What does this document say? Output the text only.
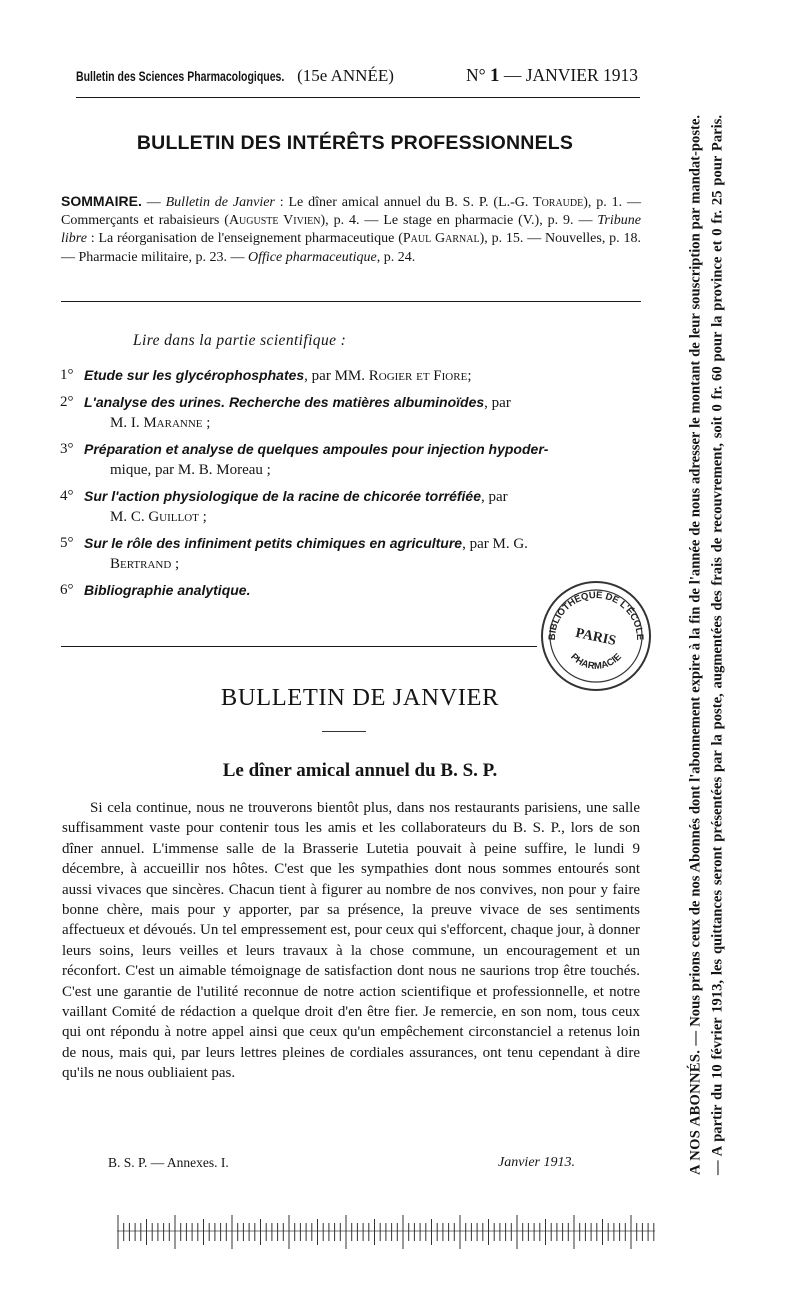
Bulletin des Sciences Pharmacologiques. (15e ANNÉE)	N° 1 — JANVIER 1913
BULLETIN DES INTÉRÊTS PROFESSIONNELS
SOMMAIRE. — Bulletin de Janvier : Le dîner amical annuel du B. S. P. (L.-G. Toraude), p. 1. — Commerçants et rabaisieurs (Auguste Vivien), p. 4. — Le stage en pharmacie (V.), p. 9. — Tribune libre : La réorganisation de l'enseignement pharmaceutique (Paul Garnal), p. 15. — Nouvelles, p. 18. — Pharmacie militaire, p. 23. — Office pharmaceutique, p. 24.
Lire dans la partie scientifique :
1° Etude sur les glycérophosphates, par MM. Rogier et Fiore;
2° L'analyse des urines. Recherche des matières albuminoïdes, par
M. I. Maranne ;
3° Préparation et analyse de quelques ampoules pour injection hypoder-
mique, par M. B. Moreau ;
4° Sur l'action physiologique de la racine de chicorée torréfiée, par
M. C. Guillot ;
5° Sur le rôle des infiniment petits chimiques en agriculture, par M. G.
Bertrand ;
6° Bibliographie analytique.
BIBLIOTHÈQUE DE L'ÉCOLE
PHARMACIE
PARIS
BULLETIN DE JANVIER
Le dîner amical annuel du B. S. P.
Si cela continue, nous ne trouverons bientôt plus, dans nos restaurants parisiens, une salle suffisamment vaste pour contenir tous les amis et les collaborateurs du B. S. P., lors de son dîner annuel. L'immense salle de la Brasserie Lutetia pouvait à peine suffire, le lundi 9 décembre, à accueillir nos hôtes. C'est que les sympathies dont nous sommes entourés sont aussi vivaces que sincères. Chacun tient à figurer au nombre de nos convives, non pour y faire bonne chère, mais pour y apporter, par sa présence, la preuve vivace de ses sentiments affectueux et dévoués. Un tel empressement est, pour ceux qui s'efforcent, chaque jour, à donner leurs soins, leurs veilles et leurs travaux à la chose commune, un encouragement et un réconfort. C'est un aimable témoignage de satisfaction dont nous ne saurions trop être touchés. C'est une garantie de l'utilité reconnue de notre action scientifique et professionnelle, et notre vaillant Comité de rédaction a quelque droit d'en être fier. Je remercie, en son nom, tous ceux qui ont répondu à notre appel ainsi que ceux qu'un empêchement circonstanciel a retenus loin de nous, mais qui, par leurs lettres pleines de cordiales assurances, ont tenu cependant à dire qu'ils ne nous oubliaient pas.
B. S. P. — Annexes. I.	Janvier 1913.	A NOS ABONNÉS. — Nous prions ceux de nos Abonnés dont l'abonnement expire à la fin de l'année de nous adresser le montant de leur souscription par mandat-poste. — A partir du 10 février 1913, les quittances seront présentées par la poste, augmentées des frais de recouvrement, soit 0 fr. 60 pour la province et 0 fr. 25 pour Paris.
